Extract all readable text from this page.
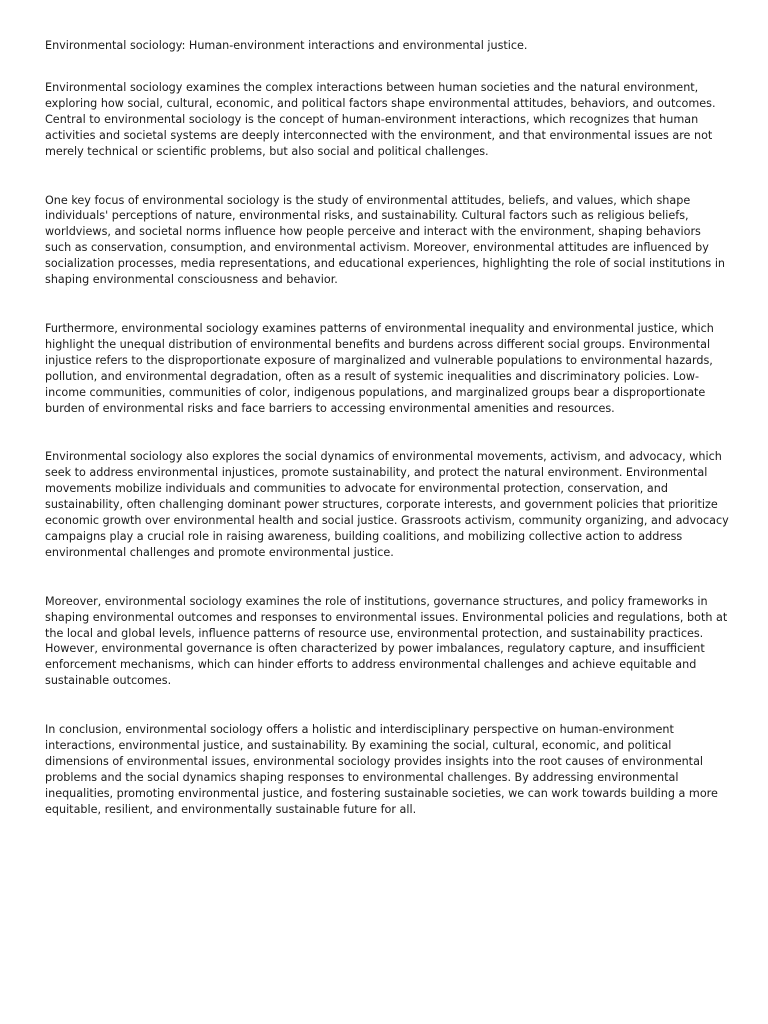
Environmental sociology: Human-environment interactions and environmental justice.

Environmental sociology examines the complex interactions between human societies and the natural environment, exploring how social, cultural, economic, and political factors shape environmental attitudes, behaviors, and outcomes. Central to environmental sociology is the concept of human-environment interactions, which recognizes that human activities and societal systems are deeply interconnected with the environment, and that environmental issues are not merely technical or scientific problems, but also social and political challenges.

One key focus of environmental sociology is the study of environmental attitudes, beliefs, and values, which shape individuals' perceptions of nature, environmental risks, and sustainability. Cultural factors such as religious beliefs, worldviews, and societal norms influence how people perceive and interact with the environment, shaping behaviors such as conservation, consumption, and environmental activism. Moreover, environmental attitudes are influenced by socialization processes, media representations, and educational experiences, highlighting the role of social institutions in shaping environmental consciousness and behavior.

Furthermore, environmental sociology examines patterns of environmental inequality and environmental justice, which highlight the unequal distribution of environmental benefits and burdens across different social groups. Environmental injustice refers to the disproportionate exposure of marginalized and vulnerable populations to environmental hazards, pollution, and environmental degradation, often as a result of systemic inequalities and discriminatory policies. Low-income communities, communities of color, indigenous populations, and marginalized groups bear a disproportionate burden of environmental risks and face barriers to accessing environmental amenities and resources.

Environmental sociology also explores the social dynamics of environmental movements, activism, and advocacy, which seek to address environmental injustices, promote sustainability, and protect the natural environment. Environmental movements mobilize individuals and communities to advocate for environmental protection, conservation, and sustainability, often challenging dominant power structures, corporate interests, and government policies that prioritize economic growth over environmental health and social justice. Grassroots activism, community organizing, and advocacy campaigns play a crucial role in raising awareness, building coalitions, and mobilizing collective action to address environmental challenges and promote environmental justice.

Moreover, environmental sociology examines the role of institutions, governance structures, and policy frameworks in shaping environmental outcomes and responses to environmental issues. Environmental policies and regulations, both at the local and global levels, influence patterns of resource use, environmental protection, and sustainability practices. However, environmental governance is often characterized by power imbalances, regulatory capture, and insufficient enforcement mechanisms, which can hinder efforts to address environmental challenges and achieve equitable and sustainable outcomes.

In conclusion, environmental sociology offers a holistic and interdisciplinary perspective on human-environment interactions, environmental justice, and sustainability. By examining the social, cultural, economic, and political dimensions of environmental issues, environmental sociology provides insights into the root causes of environmental problems and the social dynamics shaping responses to environmental challenges. By addressing environmental inequalities, promoting environmental justice, and fostering sustainable societies, we can work towards building a more equitable, resilient, and environmentally sustainable future for all.
